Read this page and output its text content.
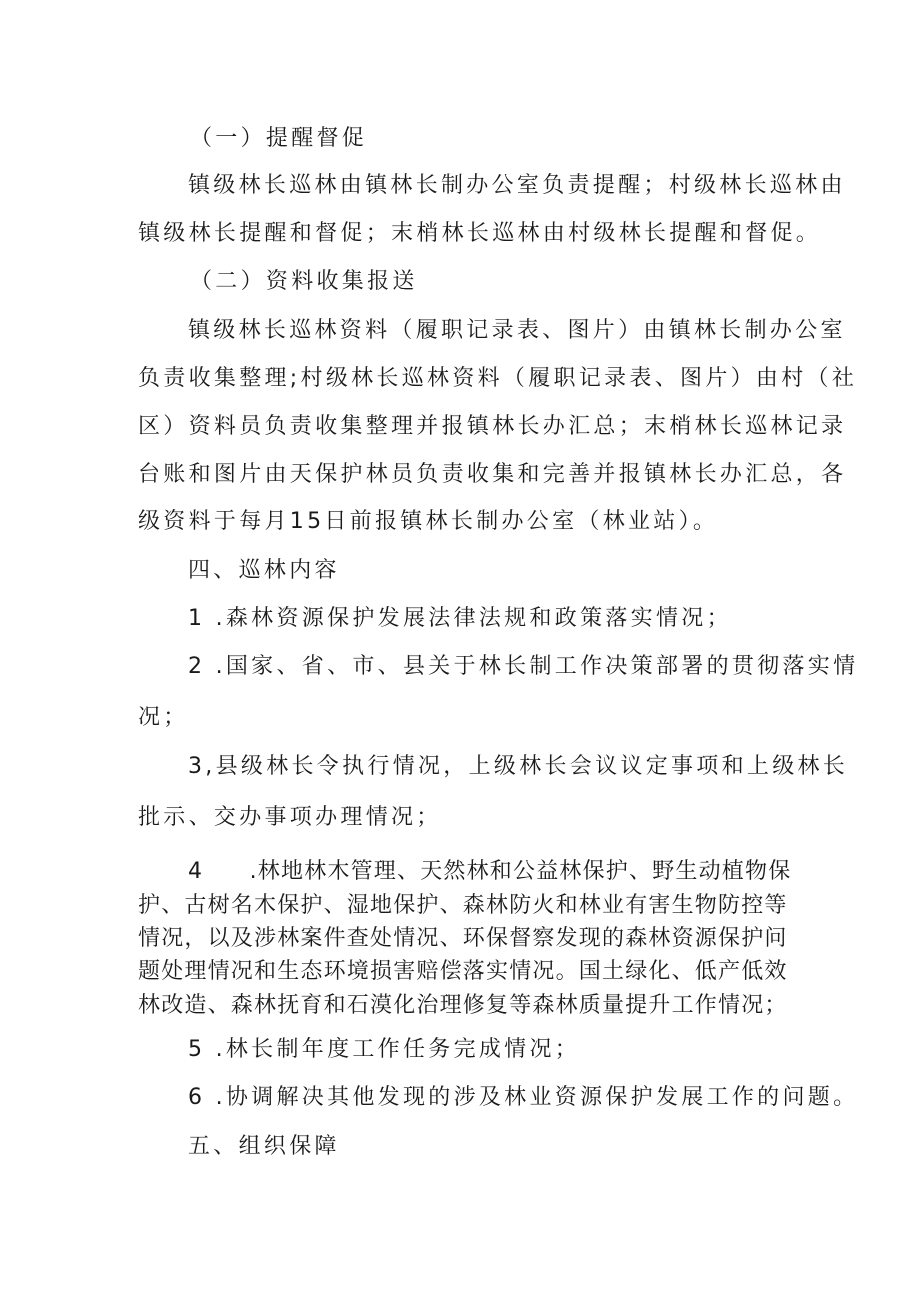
（一）提醒督促
镇级林长巡林由镇林长制办公室负责提醒；村级林长巡林由
镇级林长提醒和督促；末梢林长巡林由村级林长提醒和督促。
（二）资料收集报送
镇级林长巡林资料（履职记录表、图片）由镇林长制办公室
负责收集整理;村级林长巡林资料（履职记录表、图片）由村（社
区）资料员负责收集整理并报镇林长办汇总；末梢林长巡林记录
台账和图片由天保护林员负责收集和完善并报镇林长办汇总，各
级资料于每月15日前报镇林长制办公室（林业站）。
四、巡林内容
1 .森林资源保护发展法律法规和政策落实情况；
2 .国家、省、市、县关于林长制工作决策部署的贯彻落实情
况；
3,县级林长令执行情况，上级林长会议议定事项和上级林长
批示、交办事项办理情况；
4　　.林地林木管理、天然林和公益林保护、野生动植物保
护、古树名木保护、湿地保护、森林防火和林业有害生物防控等
情况，以及涉林案件查处情况、环保督察发现的森林资源保护问
题处理情况和生态环境损害赔偿落实情况。国土绿化、低产低效
林改造、森林抚育和石漠化治理修复等森林质量提升工作情况；
5 .林长制年度工作任务完成情况；
6 .协调解决其他发现的涉及林业资源保护发展工作的问题。
五、组织保障
